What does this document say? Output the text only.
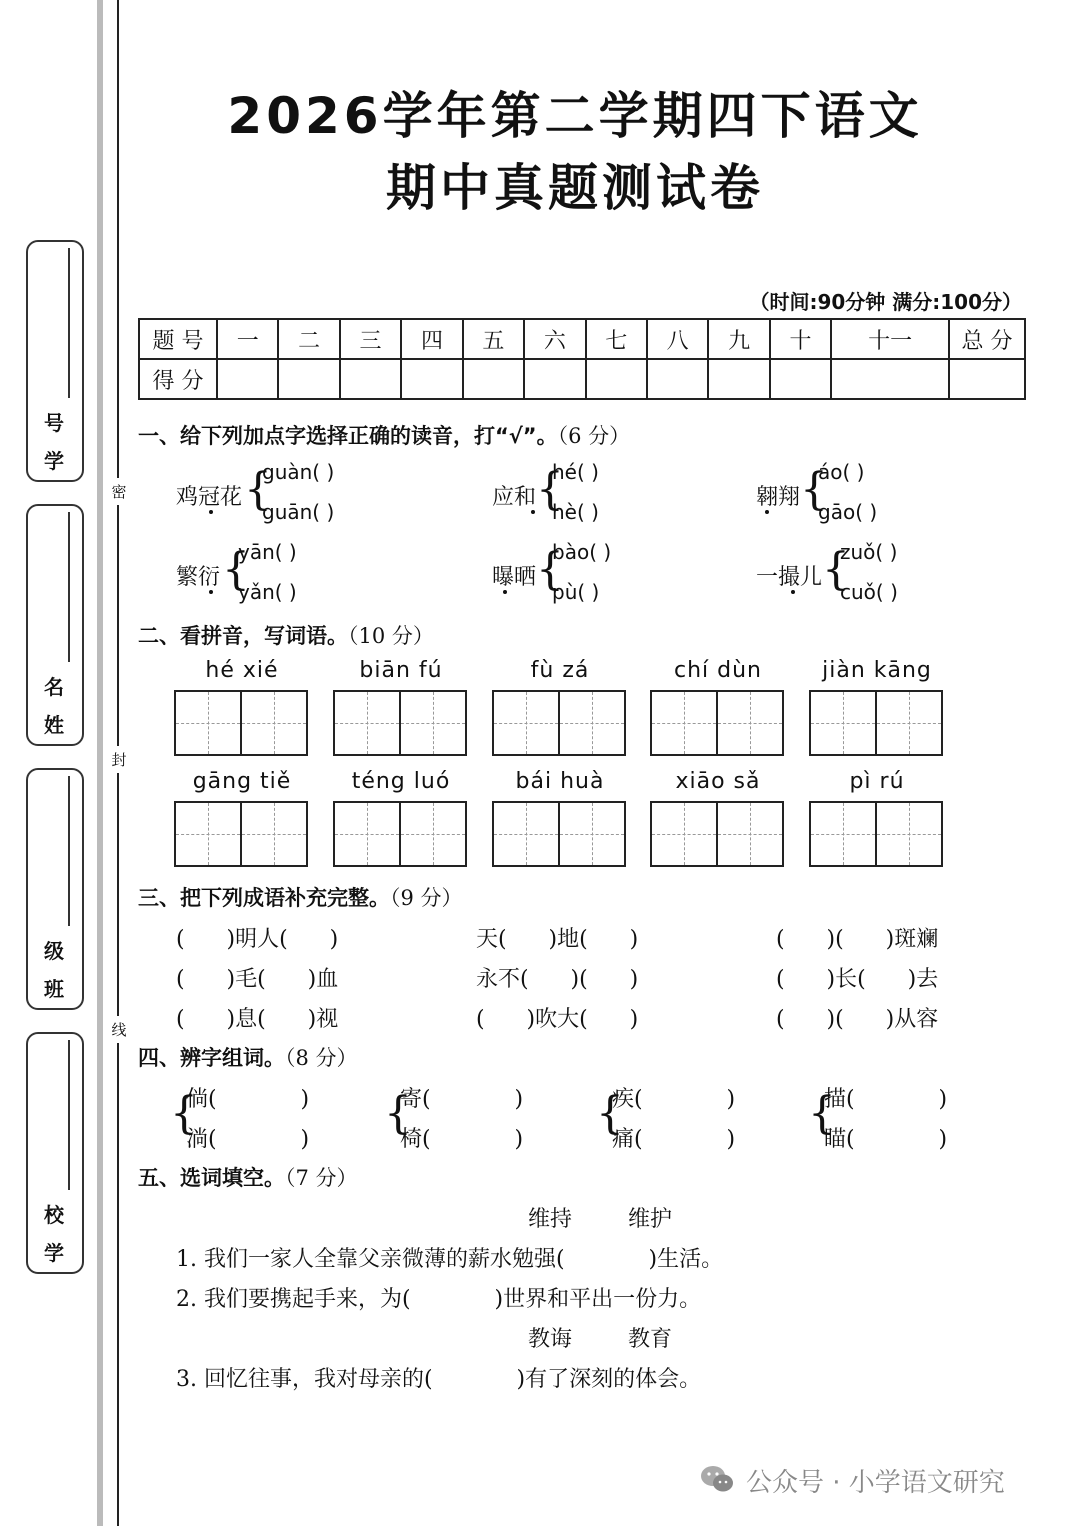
密
封
线
号
学
名
姓
级
班
校
学
2026学年第二学期四下语文
期中真题测试卷
（时间:90分钟 满分:100分）
题 号	一	二	三	四	五	六	七	八	九	十	十一	总 分
得 分												
一、给下列加点字选择正确的读音，打“√”。（6 分）
鸡冠花 {
guàn( )
guān( )
应和 {
hé( )
hè( )
翱翔 {
áo( )
gāo( )
繁衍 {
yān( )
yǎn( )
曝晒 {
bào( )
pù( )
一撮儿 {
zuǒ( )
cuǒ( )
二、看拼音，写词语。（10 分）
hé xié	biān fú	fù zá	chí dùn	jiàn kāng
gāng tiě	téng luó	bái huà	xiāo sǎ	pì rú
三、把下列成语补充完整。（9 分）
(      )明人(      )	天(      )地(      )	(      )(      )斑斓
(      )毛(      )血	永不(      )(      )	(      )长(      )去
(      )息(      )视	(      )吹大(      )	(      )(      )从容
四、辨字组词。（8 分）
{
倘(            )
淌(            )
{
寄(            )
椅(            )
{
疾(            )
痛(            )
{
描(            )
瞄(            )
五、选词填空。（7 分）
维持        维护
1. 我们一家人全靠父亲微薄的薪水勉强(            )生活。
2. 我们要携起手来，为(            )世界和平出一份力。
教诲        教育
3. 回忆往事，我对母亲的(            )有了深刻的体会。
公众号 · 小学语文研究
